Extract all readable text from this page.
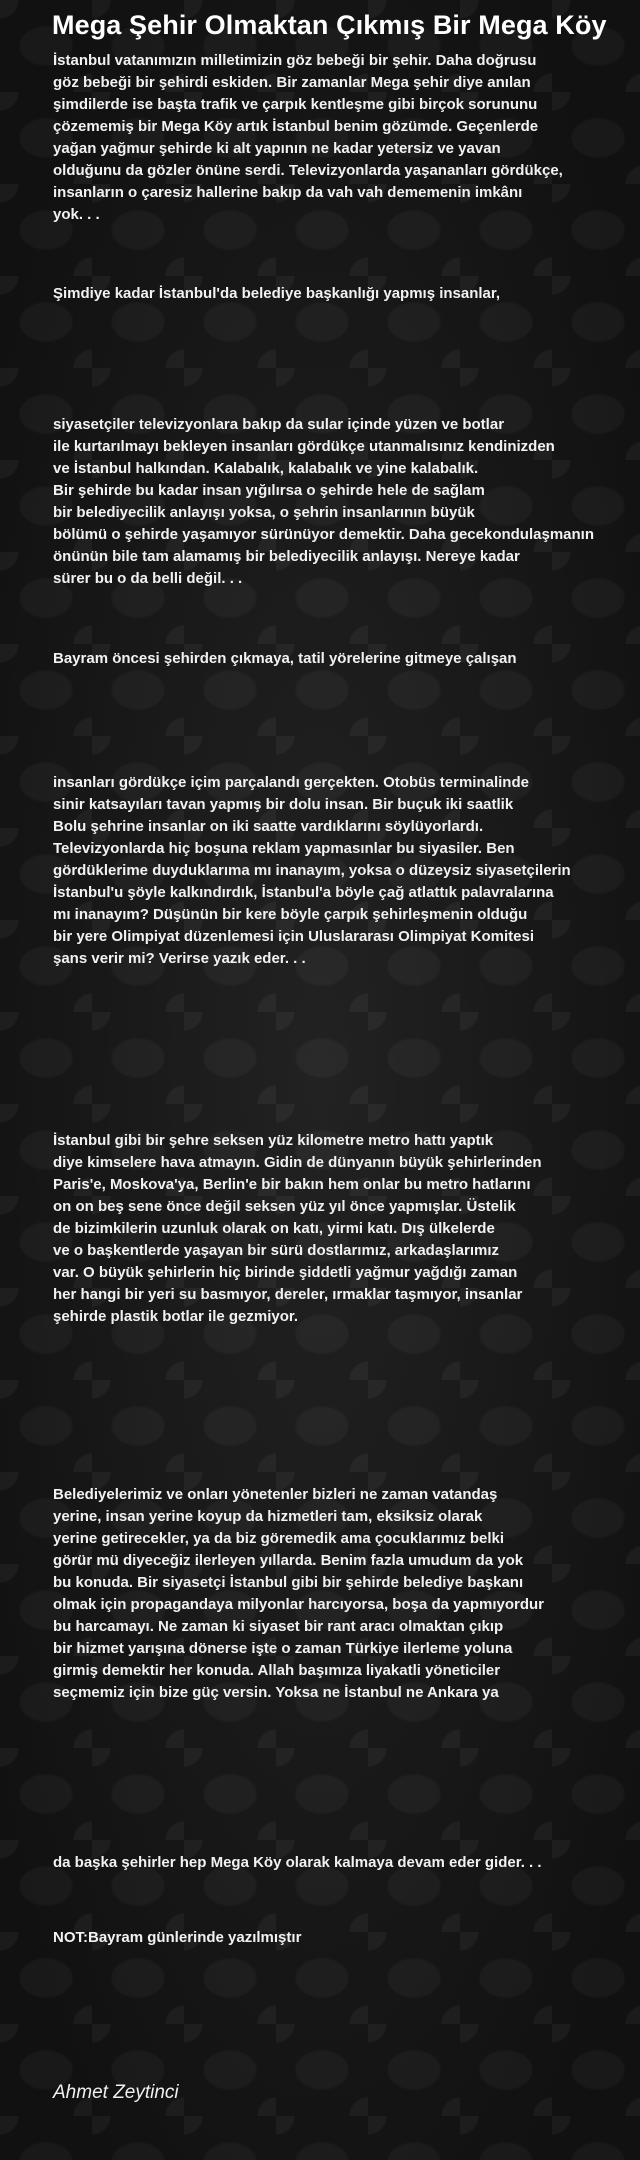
Mega Şehir Olmaktan Çıkmış Bir Mega Köy

İstanbul vatanımızın milletimizin göz bebeği bir şehir. Daha doğrusu
göz bebeği bir şehirdi eskiden. Bir zamanlar Mega şehir diye anılan
şimdilerde ise başta trafik ve çarpık kentleşme gibi birçok sorununu
çözememiş bir Mega Köy artık İstanbul benim gözümde. Geçenlerde
yağan yağmur şehirde ki alt yapının ne kadar yetersiz ve yavan
olduğunu da gözler önüne serdi. Televizyonlarda yaşananları gördükçe,
insanların o çaresiz hallerine bakıp da vah vah dememenin imkânı
yok. . .

Şimdiye kadar İstanbul'da belediye başkanlığı yapmış insanlar,

siyasetçiler televizyonlara bakıp da sular içinde yüzen ve botlar
ile kurtarılmayı bekleyen insanları gördükçe utanmalısınız kendinizden
ve İstanbul halkından. Kalabalık, kalabalık ve yine kalabalık.
Bir şehirde bu kadar insan yığılırsa o şehirde hele de sağlam
bir belediyecilik anlayışı yoksa, o şehrin insanlarının büyük
bölümü o şehirde yaşamıyor sürünüyor demektir. Daha gecekondulaşmanın
önünün bile tam alamamış bir belediyecilik anlayışı. Nereye kadar
sürer bu o da belli değil. . .

Bayram öncesi şehirden çıkmaya, tatil yörelerine gitmeye çalışan

insanları gördükçe içim parçalandı gerçekten. Otobüs terminalinde
sinir katsayıları tavan yapmış bir dolu insan. Bir buçuk iki saatlik
Bolu şehrine insanlar on iki saatte vardıklarını söylüyorlardı.
Televizyonlarda hiç boşuna reklam yapmasınlar bu siyasiler. Ben
gördüklerime duyduklarıma mı inanayım, yoksa o düzeysiz siyasetçilerin
İstanbul'u şöyle kalkındırdık, İstanbul'a böyle çağ atlattık palavralarına
mı inanayım? Düşünün bir kere böyle çarpık şehirleşmenin olduğu
bir yere Olimpiyat düzenlemesi için Uluslararası Olimpiyat Komitesi
şans verir mi? Verirse yazık eder. . .

İstanbul gibi bir şehre seksen yüz kilometre metro hattı yaptık
diye kimselere hava atmayın. Gidin de dünyanın büyük şehirlerinden
Paris'e, Moskova'ya, Berlin'e bir bakın hem onlar bu metro hatlarını
on on beş sene önce değil seksen yüz yıl önce yapmışlar. Üstelik
de bizimkilerin uzunluk olarak on katı, yirmi katı. Dış ülkelerde
ve o başkentlerde yaşayan bir sürü dostlarımız, arkadaşlarımız
var. O büyük şehirlerin hiç birinde şiddetli yağmur yağdığı zaman
her hangi bir yeri su basmıyor, dereler, ırmaklar taşmıyor, insanlar
şehirde plastik botlar ile gezmiyor.

Belediyelerimiz ve onları yönetenler bizleri ne zaman vatandaş
yerine, insan yerine koyup da hizmetleri tam, eksiksiz olarak
yerine getirecekler, ya da biz göremedik ama çocuklarımız belki
görür mü diyeceğiz ilerleyen yıllarda. Benim fazla umudum da yok
bu konuda. Bir siyasetçi İstanbul gibi bir şehirde belediye başkanı
olmak için propagandaya milyonlar harcıyorsa, boşa da yapmıyordur
bu harcamayı. Ne zaman ki siyaset bir rant aracı olmaktan çıkıp
bir hizmet yarışına dönerse işte o zaman Türkiye ilerleme yoluna
girmiş demektir her konuda. Allah başımıza liyakatli yöneticiler
seçmemiz için bize güç versin. Yoksa ne İstanbul ne Ankara ya

da başka şehirler hep Mega Köy olarak kalmaya devam eder gider. . .

NOT:Bayram günlerinde yazılmıştır

Ahmet Zeytinci
